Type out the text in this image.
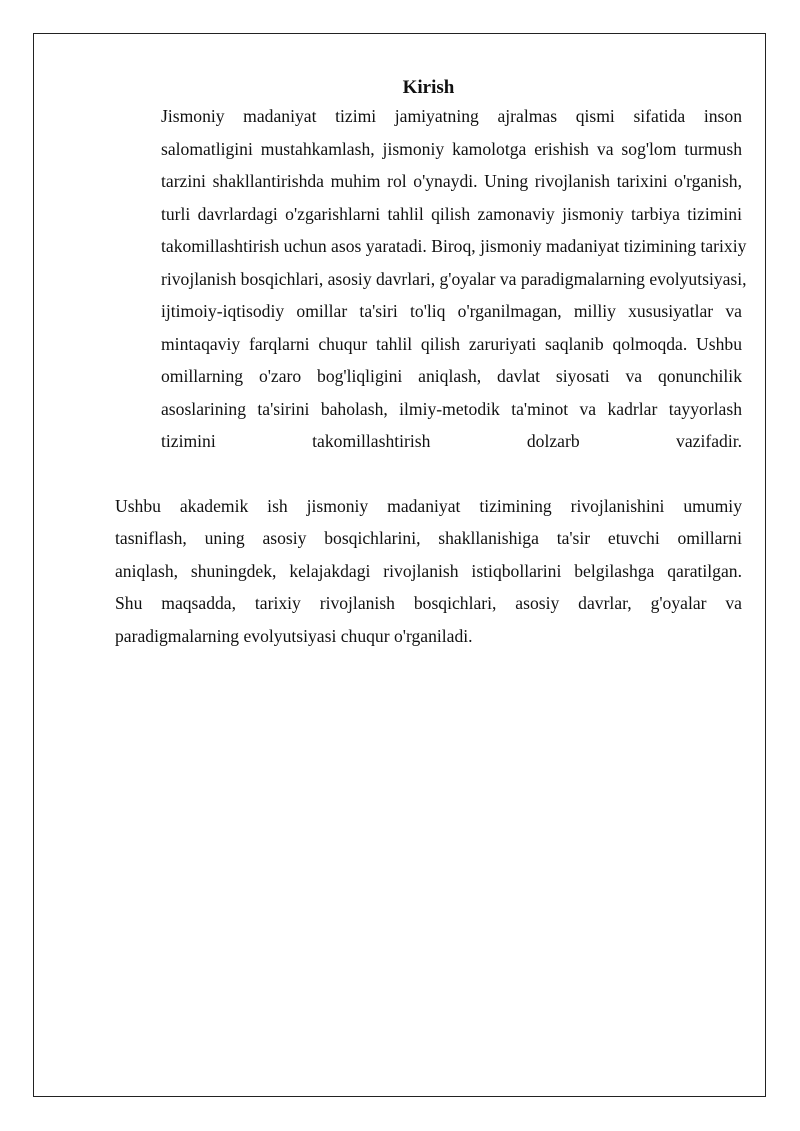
Kirish
Jismoniy madaniyat tizimi jamiyatning ajralmas qismi sifatida inson
salomatligini mustahkamlash, jismoniy kamolotga erishish va sog'lom turmush
tarzini shakllantirishda muhim rol o'ynaydi. Uning rivojlanish tarixini o'rganish,
turli davrlardagi o'zgarishlarni tahlil qilish zamonaviy jismoniy tarbiya tizimini
takomillashtirish uchun asos yaratadi. Biroq, jismoniy madaniyat tizimining tarixiy
rivojlanish bosqichlari, asosiy davrlari, g'oyalar va paradigmalarning evolyutsiyasi,
ijtimoiy-iqtisodiy omillar ta'siri to'liq o'rganilmagan, milliy xususiyatlar va
mintaqaviy farqlarni chuqur tahlil qilish zaruriyati saqlanib qolmoqda. Ushbu
omillarning o'zaro bog'liqligini aniqlash, davlat siyosati va qonunchilik
asoslarining ta'sirini baholash, ilmiy-metodik ta'minot va kadrlar tayyorlash
tizimini takomillashtirish dolzarb vazifadir.
Ushbu akademik ish jismoniy madaniyat tizimining rivojlanishini umumiy
tasniflash, uning asosiy bosqichlarini, shakllanishiga ta'sir etuvchi omillarni
aniqlash, shuningdek, kelajakdagi rivojlanish istiqbollarini belgilashga qaratilgan.
Shu maqsadda, tarixiy rivojlanish bosqichlari, asosiy davrlar, g'oyalar va
paradigmalarning evolyutsiyasi chuqur o'rganiladi.
